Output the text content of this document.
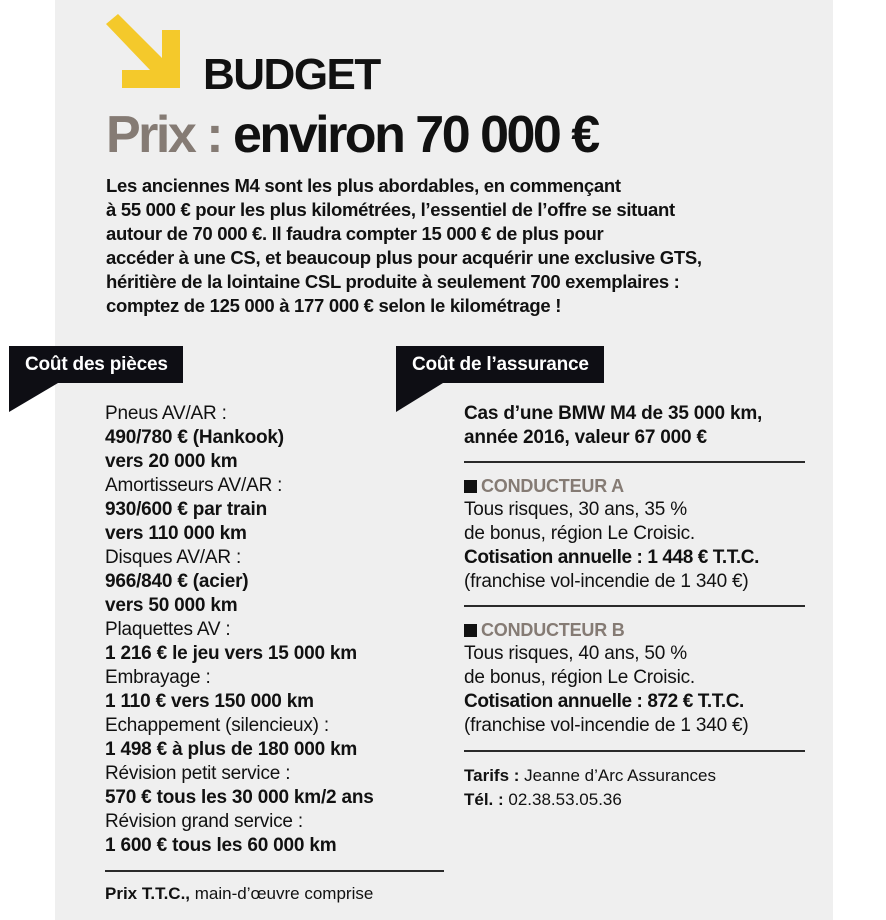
BUDGET
Prix : environ 70 000 €
Les anciennes M4 sont les plus abordables, en commençant
à 55 000 € pour les plus kilométrées, l’essentiel de l’offre se situant
autour de 70 000 €. Il faudra compter 15 000 € de plus pour
accéder à une CS, et beaucoup plus pour acquérir une exclusive GTS,
héritière de la lointaine CSL produite à seulement 700 exemplaires :
comptez de 125 000 à 177 000 € selon le kilométrage !
Coût des pièces
Pneus AV/AR :
490/780 € (Hankook)
vers 20 000 km
Amortisseurs AV/AR :
930/600 € par train
vers 110 000 km
Disques AV/AR :
966/840 € (acier)
vers 50 000 km
Plaquettes AV :
1 216 € le jeu vers 15 000 km
Embrayage :
1 110 € vers 150 000 km
Echappement (silencieux) :
1 498 € à plus de 180 000 km
Révision petit service :
570 € tous les 30 000 km/2 ans
Révision grand service :
1 600 € tous les 60 000 km
Prix T.T.C., main-d’œuvre comprise
Coût de l’assurance
Cas d’une BMW M4 de 35 000 km,
année 2016, valeur 67 000 €
CONDUCTEUR A
Tous risques, 30 ans, 35 %
de bonus, région Le Croisic.
Cotisation annuelle : 1 448 € T.T.C.
(franchise vol-incendie de 1 340 €)
CONDUCTEUR B
Tous risques, 40 ans, 50 %
de bonus, région Le Croisic.
Cotisation annuelle : 872 € T.T.C.
(franchise vol-incendie de 1 340 €)
Tarifs : Jeanne d’Arc Assurances
Tél. : 02.38.53.05.36
